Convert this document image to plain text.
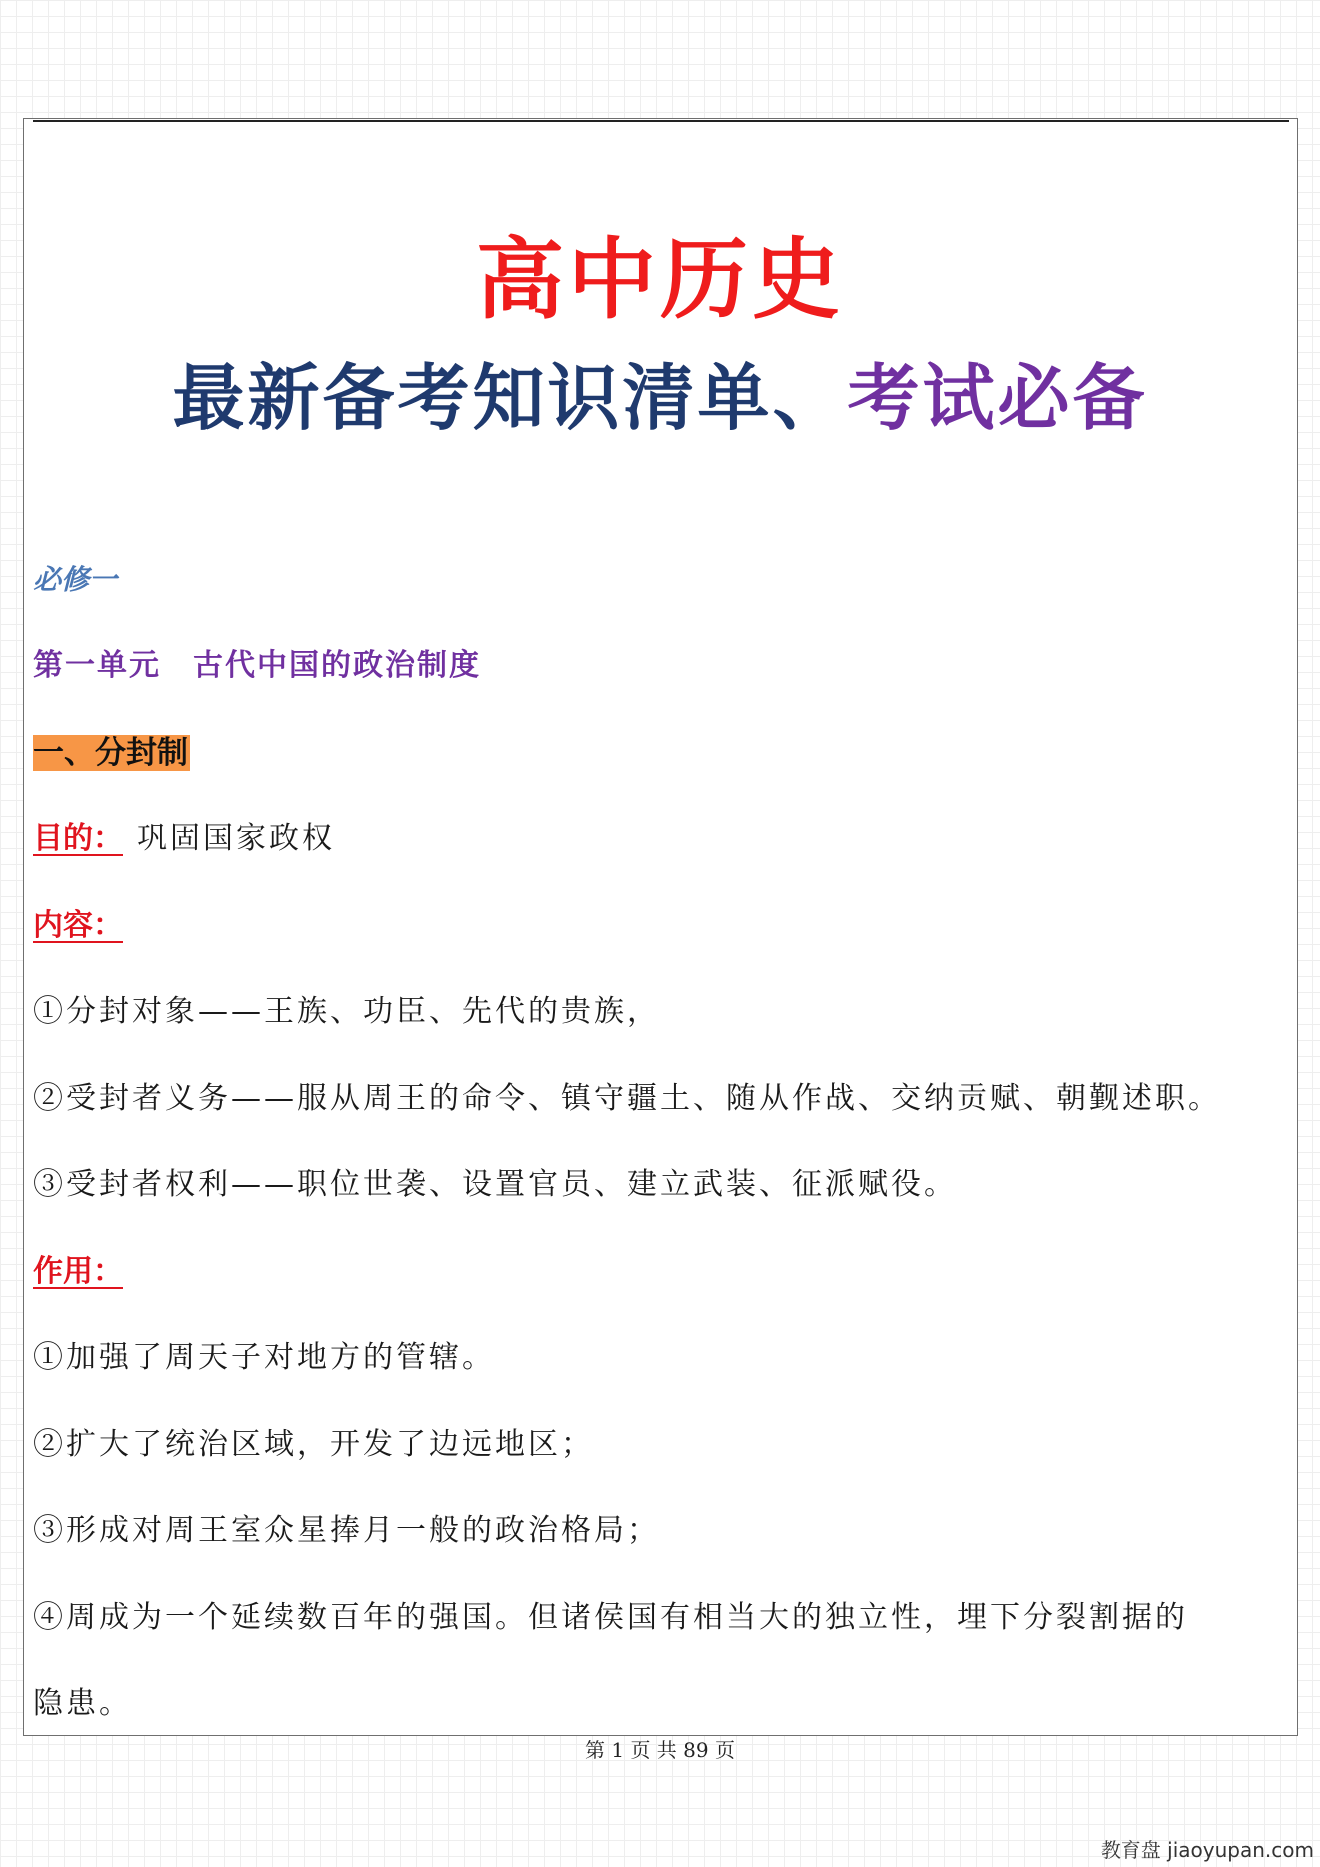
高中历史
最新备考知识清单、考试必备
必修一
第一单元　古代中国的政治制度
一、分封制
目的： 巩固国家政权
内容：
①分封对象——王族、功臣、先代的贵族，
②受封者义务——服从周王的命令、镇守疆土、随从作战、交纳贡赋、朝觐述职。
③受封者权利——职位世袭、设置官员、建立武装、征派赋役。
作用：
①加强了周天子对地方的管辖。
②扩大了统治区域，开发了边远地区；
③形成对周王室众星捧月一般的政治格局；
④周成为一个延续数百年的强国。但诸侯国有相当大的独立性，埋下分裂割据的
隐患。
第 1 页 共 89 页
教育盘 jiaoyupan.com
